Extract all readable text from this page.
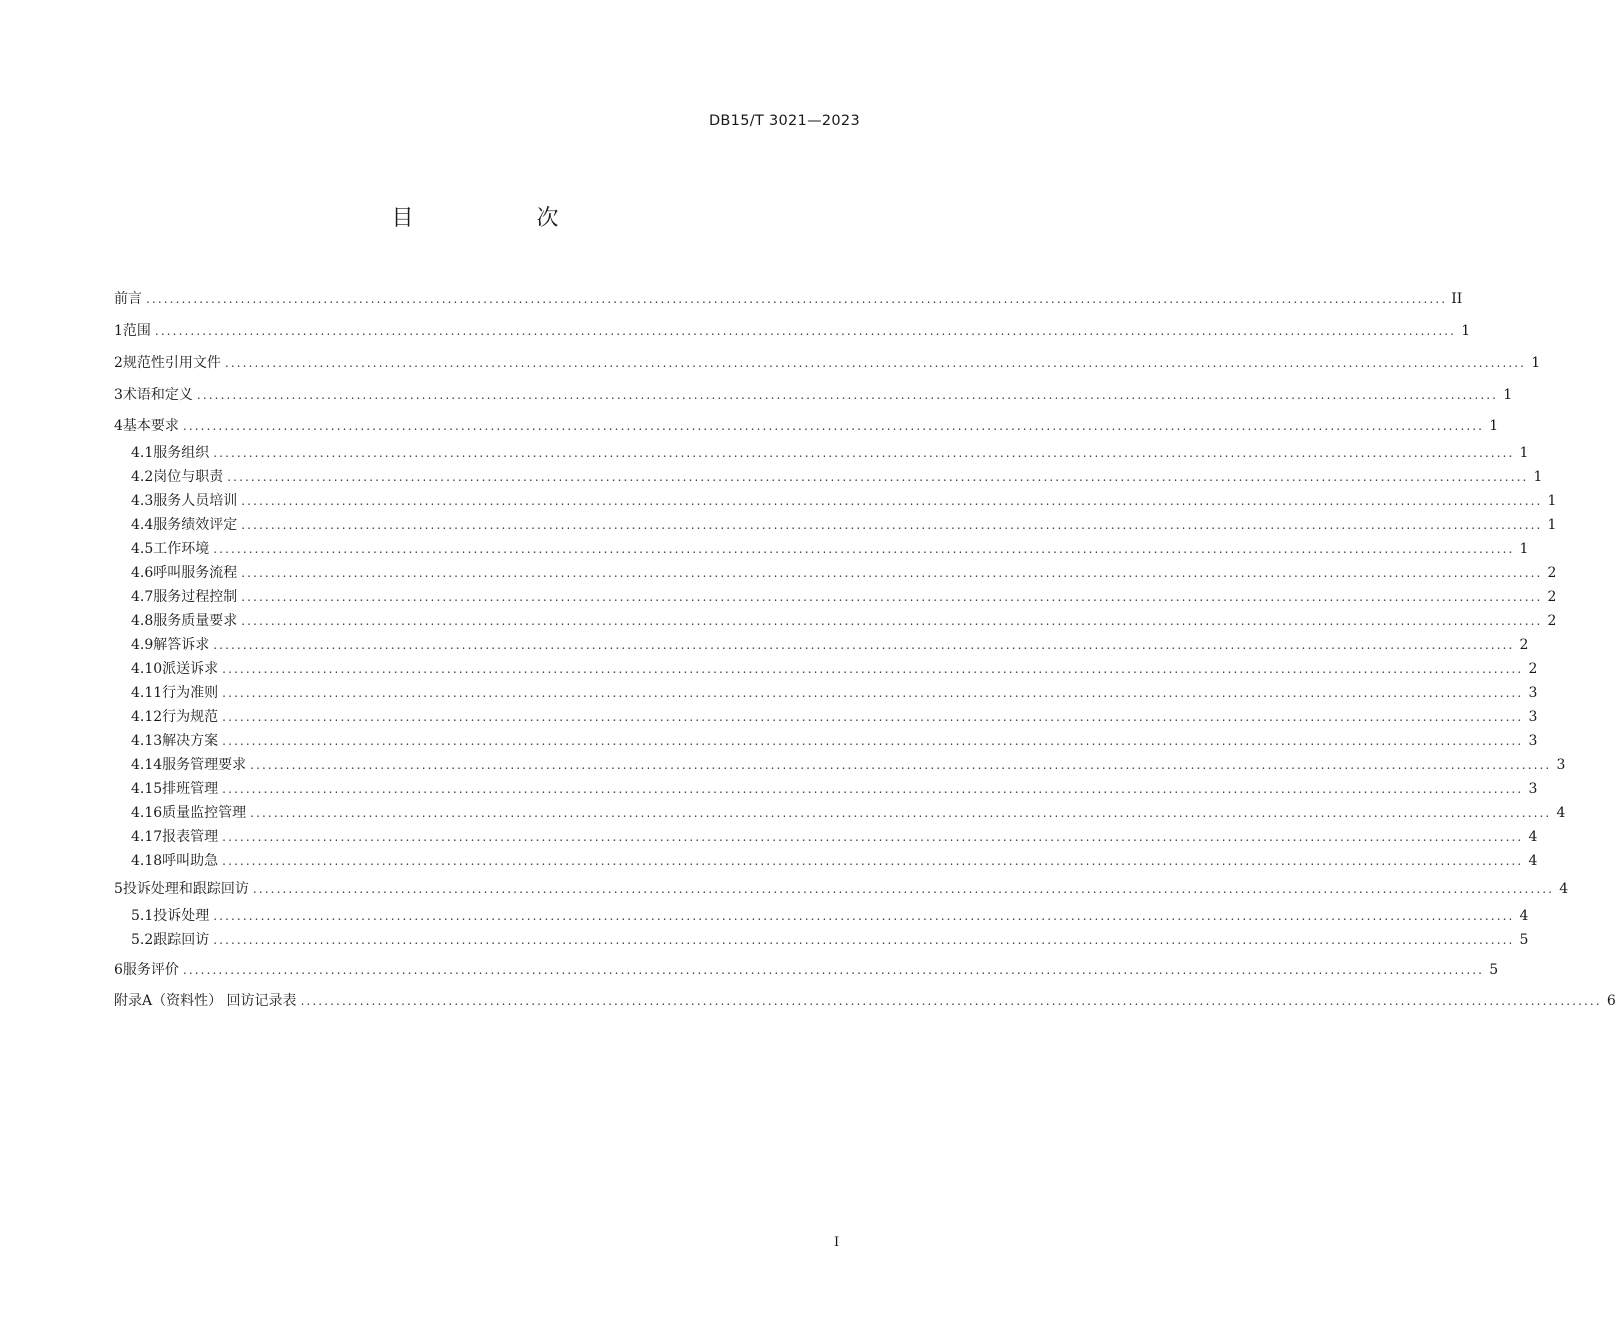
DB15/T 3021—2023
目 次
前言 ............................................................................................................................................................................................................................ II
1 范围 ............................................................................................................................................................................................................................ 1
2 规范性引用文件 ............................................................................................................................................................................................................................ 1
3 术语和定义 ............................................................................................................................................................................................................................ 1
4 基本要求 ............................................................................................................................................................................................................................ 1
4.1 服务组织 ............................................................................................................................................................................................................................ 1
4.2 岗位与职责 ............................................................................................................................................................................................................................ 1
4.3 服务人员培训 ............................................................................................................................................................................................................................ 1
4.4 服务绩效评定 ............................................................................................................................................................................................................................ 1
4.5 工作环境 ............................................................................................................................................................................................................................ 1
4.6 呼叫服务流程 ............................................................................................................................................................................................................................ 2
4.7 服务过程控制 ............................................................................................................................................................................................................................ 2
4.8 服务质量要求 ............................................................................................................................................................................................................................ 2
4.9 解答诉求 ............................................................................................................................................................................................................................ 2
4.10 派送诉求 ............................................................................................................................................................................................................................ 2
4.11 行为准则 ............................................................................................................................................................................................................................ 3
4.12 行为规范 ............................................................................................................................................................................................................................ 3
4.13 解决方案 ............................................................................................................................................................................................................................ 3
4.14 服务管理要求 ............................................................................................................................................................................................................................ 3
4.15 排班管理 ............................................................................................................................................................................................................................ 3
4.16 质量监控管理 ............................................................................................................................................................................................................................ 4
4.17 报表管理 ............................................................................................................................................................................................................................ 4
4.18 呼叫助急 ............................................................................................................................................................................................................................ 4
5 投诉处理和跟踪回访 ............................................................................................................................................................................................................................ 4
5.1 投诉处理 ............................................................................................................................................................................................................................ 4
5.2 跟踪回访 ............................................................................................................................................................................................................................ 5
6 服务评价 ............................................................................................................................................................................................................................ 5
附录A（资料性） 回访记录表 ............................................................................................................................................................................................................................ 6
I
